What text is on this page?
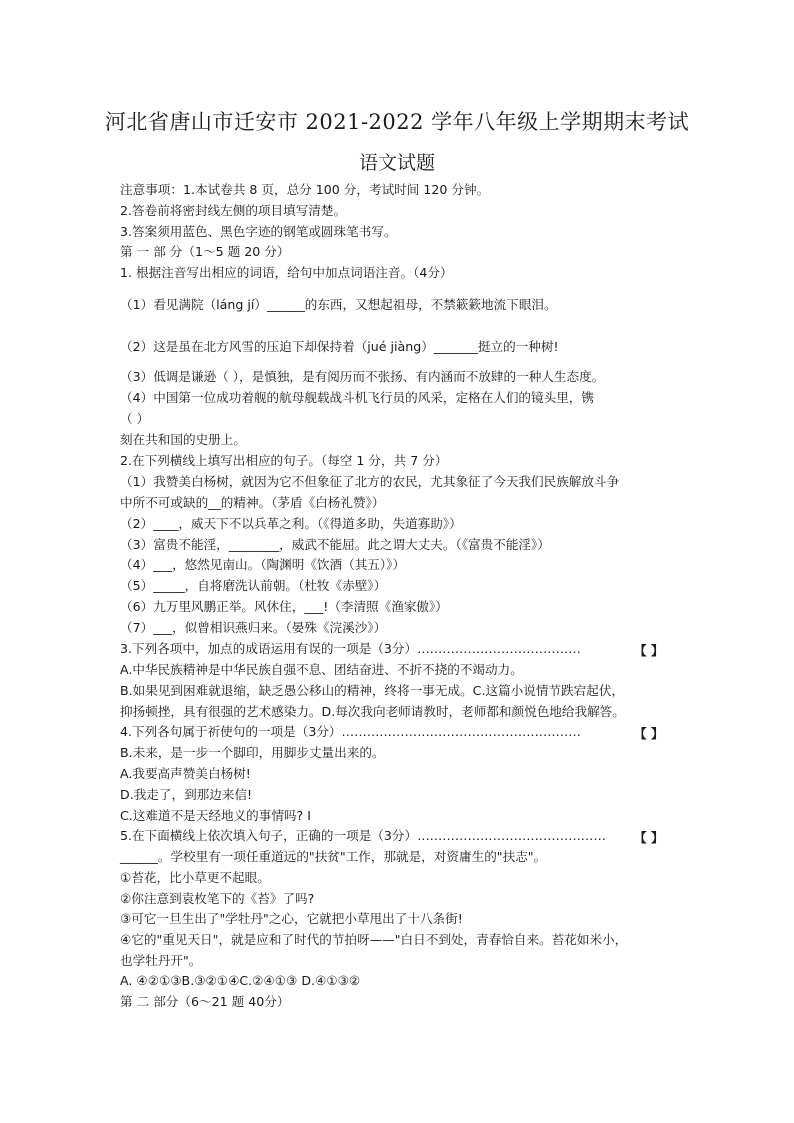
河北省唐山市迁安市 2021-2022 学年八年级上学期期末考试
语文试题
注意事项：1.本试卷共 8 页，总分 100 分，考试时间 120 分钟。
2.答卷前将密封线左侧的项目填写清楚。
3.答案须用蓝色、黑色字迹的钢笔或圆珠笔书写。
第 一 部 分（1～5 题 20 分）
1. 根据注音写出相应的词语，给句中加点词语注音。（4分）
（1）看见满院（láng jí）______的东西，又想起祖母，不禁簌簌地流下眼泪。
（2）这是虽在北方风雪的压迫下却保持着（jué jiàng）_______挺立的一种树!
（3）低调是谦逊（ ），是慎独，是有阅历而不张扬、有内涵而不放肆的一种人生态度。
（4）中国第一位成功着舰的航母舰载战斗机飞行员的风采，定格在人们的镜头里，镌
（ ）
刻在共和国的史册上。
2.在下列横线上填写出相应的句子。（每空 1 分，共 7 分）
（1）我赞美白杨树，就因为它不但象征了北方的农民，尤其象征了今天我们民族解放斗争
中所不可或缺的__的精神。（茅盾《白杨礼赞》）
（2）____，威天下不以兵革之利。（《得道多助，失道寡助》）
（3）富贵不能淫，________，威武不能屈。此之谓大丈夫。（《富贵不能淫》）
（4）___，悠然见南山。（陶渊明《饮酒（其五）》）
（5）_____，自将磨洗认前朝。（杜牧《赤壁》）
（6）九万里风鹏正举。风休住，___!（李清照《渔家傲》）
（7）___，似曾相识燕归来。（晏殊《浣溪沙》）
3.下列各项中，加点的成语运用有误的一项是（3分）…………………………………	【 】
A.中华民族精神是中华民族自强不息、团结奋进、不折不挠的不竭动力。
B.如果见到困难就退缩，缺乏愚公移山的精神，终将一事无成。C.这篇小说情节跌宕起伏，
抑扬顿挫，具有很强的艺术感染力。D.每次我向老师请教时，老师都和颜悦色地给我解答。
4.下列各句属于祈使句的一项是（3分）…………………………………………………	【 】
B.未来，是一步一个脚印，用脚步丈量出来的。
A.我要高声赞美白杨树!
D.我走了，到那边来信!
C.这难道不是天经地义的事情吗? I
5.在下面横线上依次填入句子，正确的一项是（3分）………………………………………	【 】
______。学校里有一项任重道远的"扶贫"工作，那就是，对资庸生的"扶志"。
①苔花，比小草更不起眼。
②你注意到袁枚笔下的《苔》了吗?
③可它一旦生出了"学牡丹"之心，它就把小草甩出了十八条街!
④它的"重见天日"，就是应和了时代的节拍呀——"白日不到处，青春恰自来。苔花如米小，
也学牡丹开"。
A. ④②①③B.③②①④C.②④①③ D.④①③②
第 二 部分（6～21 题 40分）
